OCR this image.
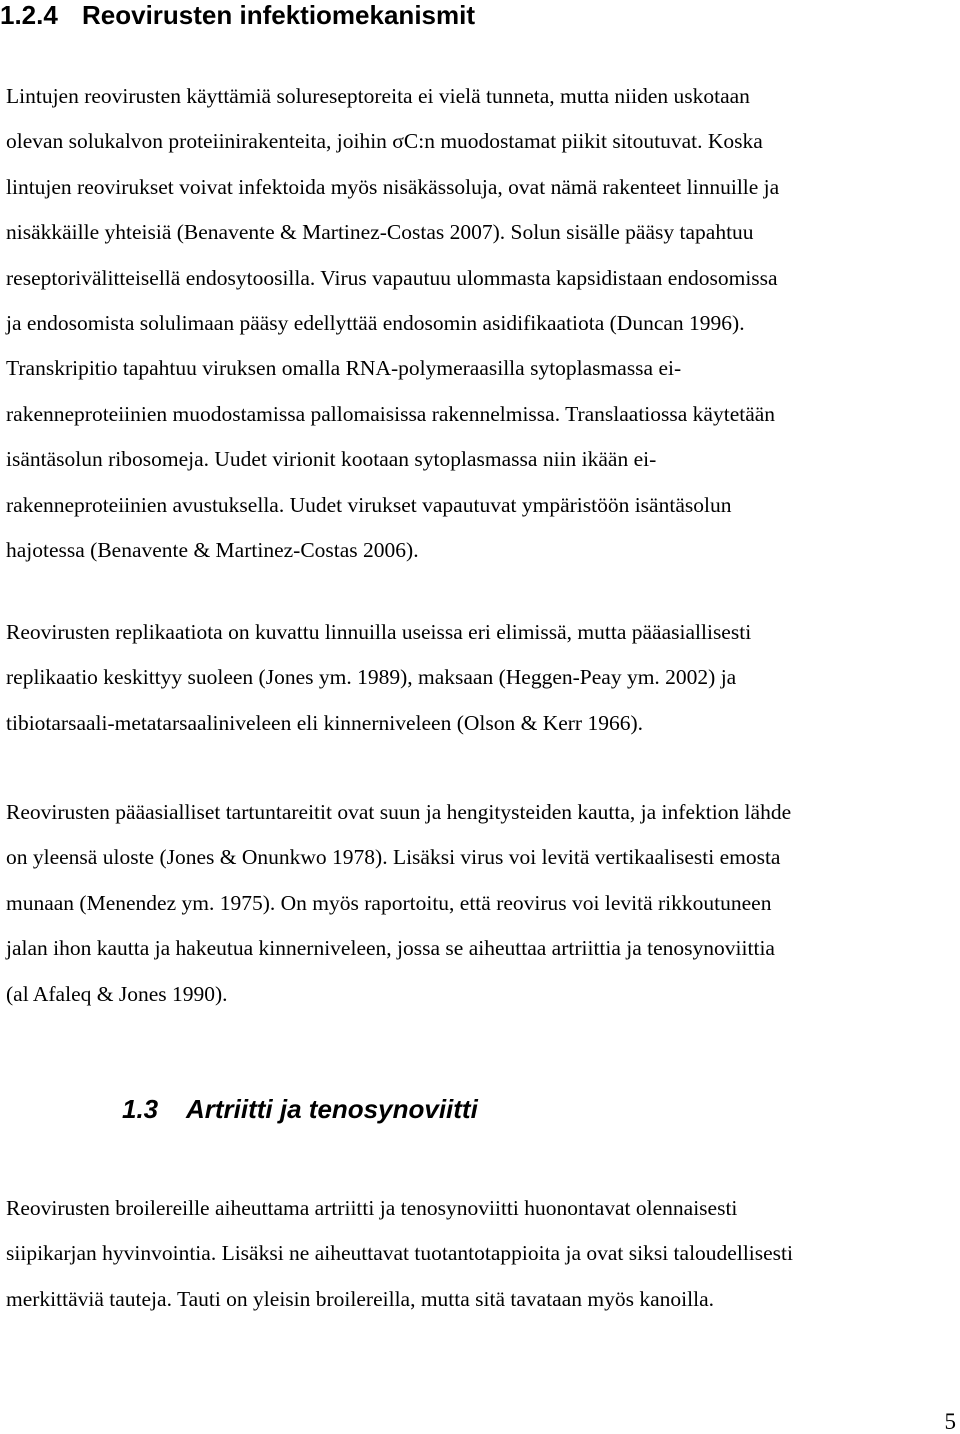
1.2.4 Reovirusten infektiomekanismit

Lintujen reovirusten käyttämiä solureseptoreita ei vielä tunneta, mutta niiden uskotaan
olevan solukalvon proteiinirakenteita, joihin σC:n muodostamat piikit sitoutuvat. Koska
lintujen reovirukset voivat infektoida myös nisäkässoluja, ovat nämä rakenteet linnuille ja
nisäkkäille yhteisiä (Benavente & Martinez-Costas 2007). Solun sisälle pääsy tapahtuu
reseptorivälitteisellä endosytoosilla. Virus vapautuu ulommasta kapsidistaan endosomissa
ja endosomista solulimaan pääsy edellyttää endosomin asidifikaatiota (Duncan 1996).
Transkripitio tapahtuu viruksen omalla RNA-polymeraasilla sytoplasmassa ei-
rakenneproteiinien muodostamissa pallomaisissa rakennelmissa. Translaatiossa käytetään
isäntäsolun ribosomeja. Uudet virionit kootaan sytoplasmassa niin ikään ei-
rakenneproteiinien avustuksella. Uudet virukset vapautuvat ympäristöön isäntäsolun
hajotessa (Benavente & Martinez-Costas 2006).

Reovirusten replikaatiota on kuvattu linnuilla useissa eri elimissä, mutta pääasiallisesti
replikaatio keskittyy suoleen (Jones ym. 1989), maksaan (Heggen-Peay ym. 2002) ja
tibiotarsaali-metatarsaaliniveleen eli kinnerniveleen (Olson & Kerr 1966).

Reovirusten pääasialliset tartuntareitit ovat suun ja hengitysteiden kautta, ja infektion lähde
on yleensä uloste (Jones & Onunkwo 1978). Lisäksi virus voi levitä vertikaalisesti emosta
munaan (Menendez ym. 1975). On myös raportoitu, että reovirus voi levitä rikkoutuneen
jalan ihon kautta ja hakeutua kinnerniveleen, jossa se aiheuttaa artriittia ja tenosynoviittia
(al Afaleq & Jones 1990).

1.3 Artriitti ja tenosynoviitti

Reovirusten broilereille aiheuttama artriitti ja tenosynoviitti huonontavat olennaisesti
siipikarjan hyvinvointia. Lisäksi ne aiheuttavat tuotantotappioita ja ovat siksi taloudellisesti
merkittäviä tauteja. Tauti on yleisin broilereilla, mutta sitä tavataan myös kanoilla.

5
